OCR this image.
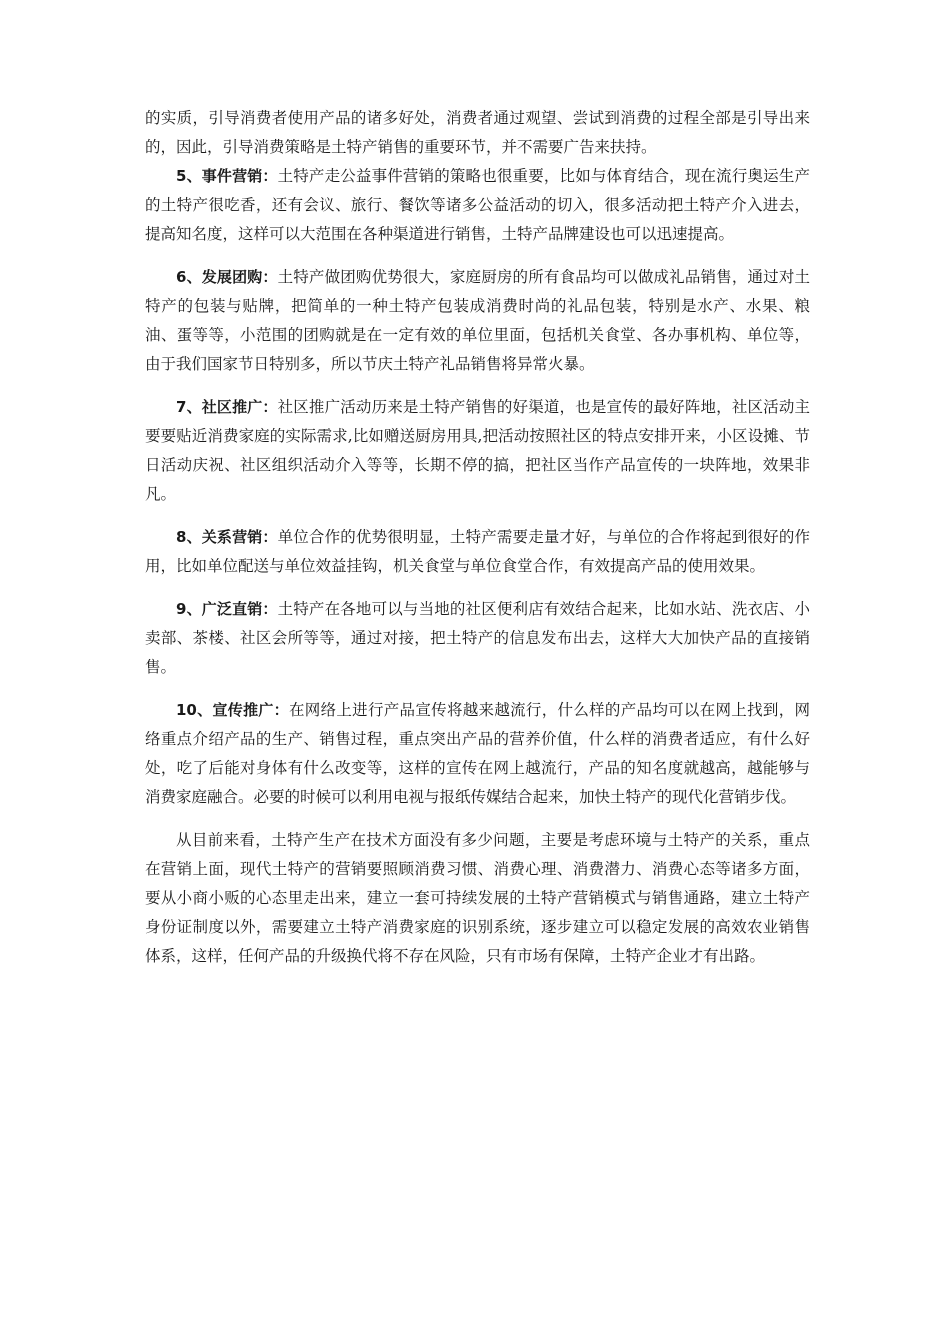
的实质，引导消费者使用产品的诸多好处，消费者通过观望、尝试到消费的过程全部是引导出来的，因此，引导消费策略是土特产销售的重要环节，并不需要广告来扶持。

5、事件营销：土特产走公益事件营销的策略也很重要，比如与体育结合，现在流行奥运生产的土特产很吃香，还有会议、旅行、餐饮等诸多公益活动的切入，很多活动把土特产介入进去，提高知名度，这样可以大范围在各种渠道进行销售，土特产品牌建设也可以迅速提高。

6、发展团购：土特产做团购优势很大，家庭厨房的所有食品均可以做成礼品销售，通过对土特产的包装与贴牌，把简单的一种土特产包装成消费时尚的礼品包装，特别是水产、水果、粮油、蛋等等，小范围的团购就是在一定有效的单位里面，包括机关食堂、各办事机构、单位等，由于我们国家节日特别多，所以节庆土特产礼品销售将异常火暴。

7、社区推广：社区推广活动历来是土特产销售的好渠道，也是宣传的最好阵地，社区活动主要要贴近消费家庭的实际需求,比如赠送厨房用具,把活动按照社区的特点安排开来，小区设摊、节日活动庆祝、社区组织活动介入等等，长期不停的搞，把社区当作产品宣传的一块阵地，效果非凡。

8、关系营销：单位合作的优势很明显，土特产需要走量才好，与单位的合作将起到很好的作用，比如单位配送与单位效益挂钩，机关食堂与单位食堂合作，有效提高产品的使用效果。

9、广泛直销：土特产在各地可以与当地的社区便利店有效结合起来，比如水站、洗衣店、小卖部、茶楼、社区会所等等，通过对接，把土特产的信息发布出去，这样大大加快产品的直接销售。

10、宣传推广：在网络上进行产品宣传将越来越流行，什么样的产品均可以在网上找到，网络重点介绍产品的生产、销售过程，重点突出产品的营养价值，什么样的消费者适应，有什么好处，吃了后能对身体有什么改变等，这样的宣传在网上越流行，产品的知名度就越高，越能够与消费家庭融合。必要的时候可以利用电视与报纸传媒结合起来，加快土特产的现代化营销步伐。

从目前来看，土特产生产在技术方面没有多少问题，主要是考虑环境与土特产的关系，重点在营销上面，现代土特产的营销要照顾消费习惯、消费心理、消费潜力、消费心态等诸多方面，要从小商小贩的心态里走出来，建立一套可持续发展的土特产营销模式与销售通路，建立土特产身份证制度以外，需要建立土特产消费家庭的识别系统，逐步建立可以稳定发展的高效农业销售体系，这样，任何产品的升级换代将不存在风险，只有市场有保障，土特产企业才有出路。
